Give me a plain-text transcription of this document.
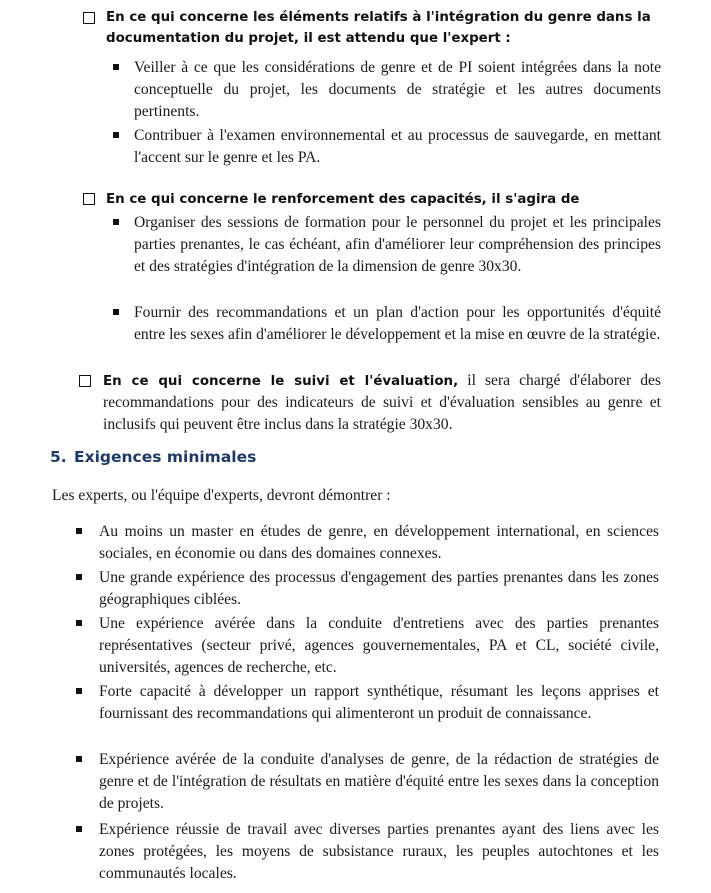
En ce qui concerne les éléments relatifs à l'intégration du genre dans la documentation du projet, il est attendu que l'expert :

Veiller à ce que les considérations de genre et de PI soient intégrées dans la note conceptuelle du projet, les documents de stratégie et les autres documents pertinents.

Contribuer à l'examen environnemental et au processus de sauvegarde, en mettant l'accent sur le genre et les PA.

En ce qui concerne le renforcement des capacités, il s'agira de

Organiser des sessions de formation pour le personnel du projet et les principales parties prenantes, le cas échéant, afin d'améliorer leur compréhension des principes et des stratégies d'intégration de la dimension de genre 30x30.

Fournir des recommandations et un plan d'action pour les opportunités d'équité entre les sexes afin d'améliorer le développement et la mise en œuvre de la stratégie.

En ce qui concerne le suivi et l'évaluation, il sera chargé d'élaborer des recommandations pour des indicateurs de suivi et d'évaluation sensibles au genre et inclusifs qui peuvent être inclus dans la stratégie 30x30.

5. Exigences minimales

Les experts, ou l'équipe d'experts, devront démontrer :

Au moins un master en études de genre, en développement international, en sciences sociales, en économie ou dans des domaines connexes.

Une grande expérience des processus d'engagement des parties prenantes dans les zones géographiques ciblées.

Une expérience avérée dans la conduite d'entretiens avec des parties prenantes représentatives (secteur privé, agences gouvernementales, PA et CL, société civile, universités, agences de recherche, etc.

Forte capacité à développer un rapport synthétique, résumant les leçons apprises et fournissant des recommandations qui alimenteront un produit de connaissance.

Expérience avérée de la conduite d'analyses de genre, de la rédaction de stratégies de genre et de l'intégration de résultats en matière d'équité entre les sexes dans la conception de projets.

Expérience réussie de travail avec diverses parties prenantes ayant des liens avec les zones protégées, les moyens de subsistance ruraux, les peuples autochtones et les communautés locales.
